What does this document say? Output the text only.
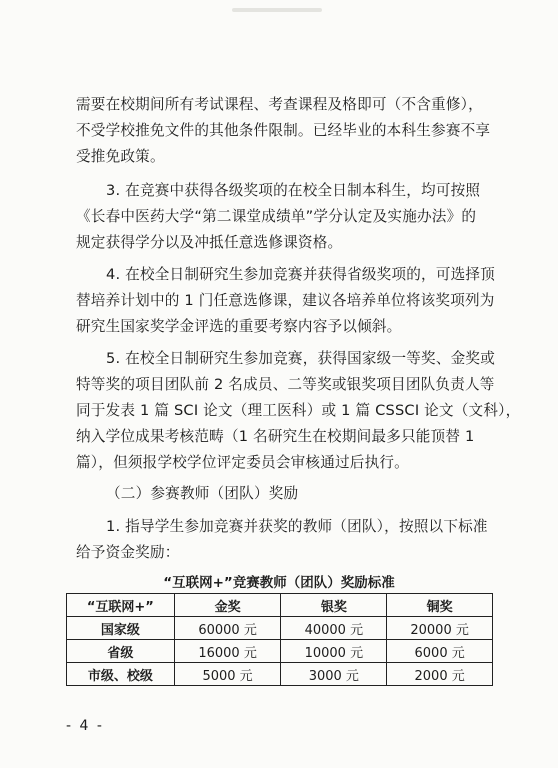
需要在校期间所有考试课程、考查课程及格即可（不含重修），
不受学校推免文件的其他条件限制。已经毕业的本科生参赛不享
受推免政策。

3. 在竞赛中获得各级奖项的在校全日制本科生，均可按照
《长春中医药大学“第二课堂成绩单”学分认定及实施办法》的
规定获得学分以及冲抵任意选修课资格。

4. 在校全日制研究生参加竞赛并获得省级奖项的，可选择顶
替培养计划中的 1 门任意选修课，建议各培养单位将该奖项列为
研究生国家奖学金评选的重要考察内容予以倾斜。

5. 在校全日制研究生参加竞赛，获得国家级一等奖、金奖或
特等奖的项目团队前 2 名成员、二等奖或银奖项目团队负责人等
同于发表 1 篇 SCI 论文（理工医科）或 1 篇 CSSCI 论文（文科），
纳入学位成果考核范畴（1 名研究生在校期间最多只能顶替 1
篇），但须报学校学位评定委员会审核通过后执行。

（二）参赛教师（团队）奖励

1. 指导学生参加竞赛并获奖的教师（团队），按照以下标准
给予资金奖励：

“互联网+”竞赛教师（团队）奖励标准

“互联网+”	金奖	银奖	铜奖
国家级	60000 元	40000 元	20000 元
省级	16000 元	10000 元	6000 元
市级、校级	5000 元	3000 元	2000 元
- 4 -
